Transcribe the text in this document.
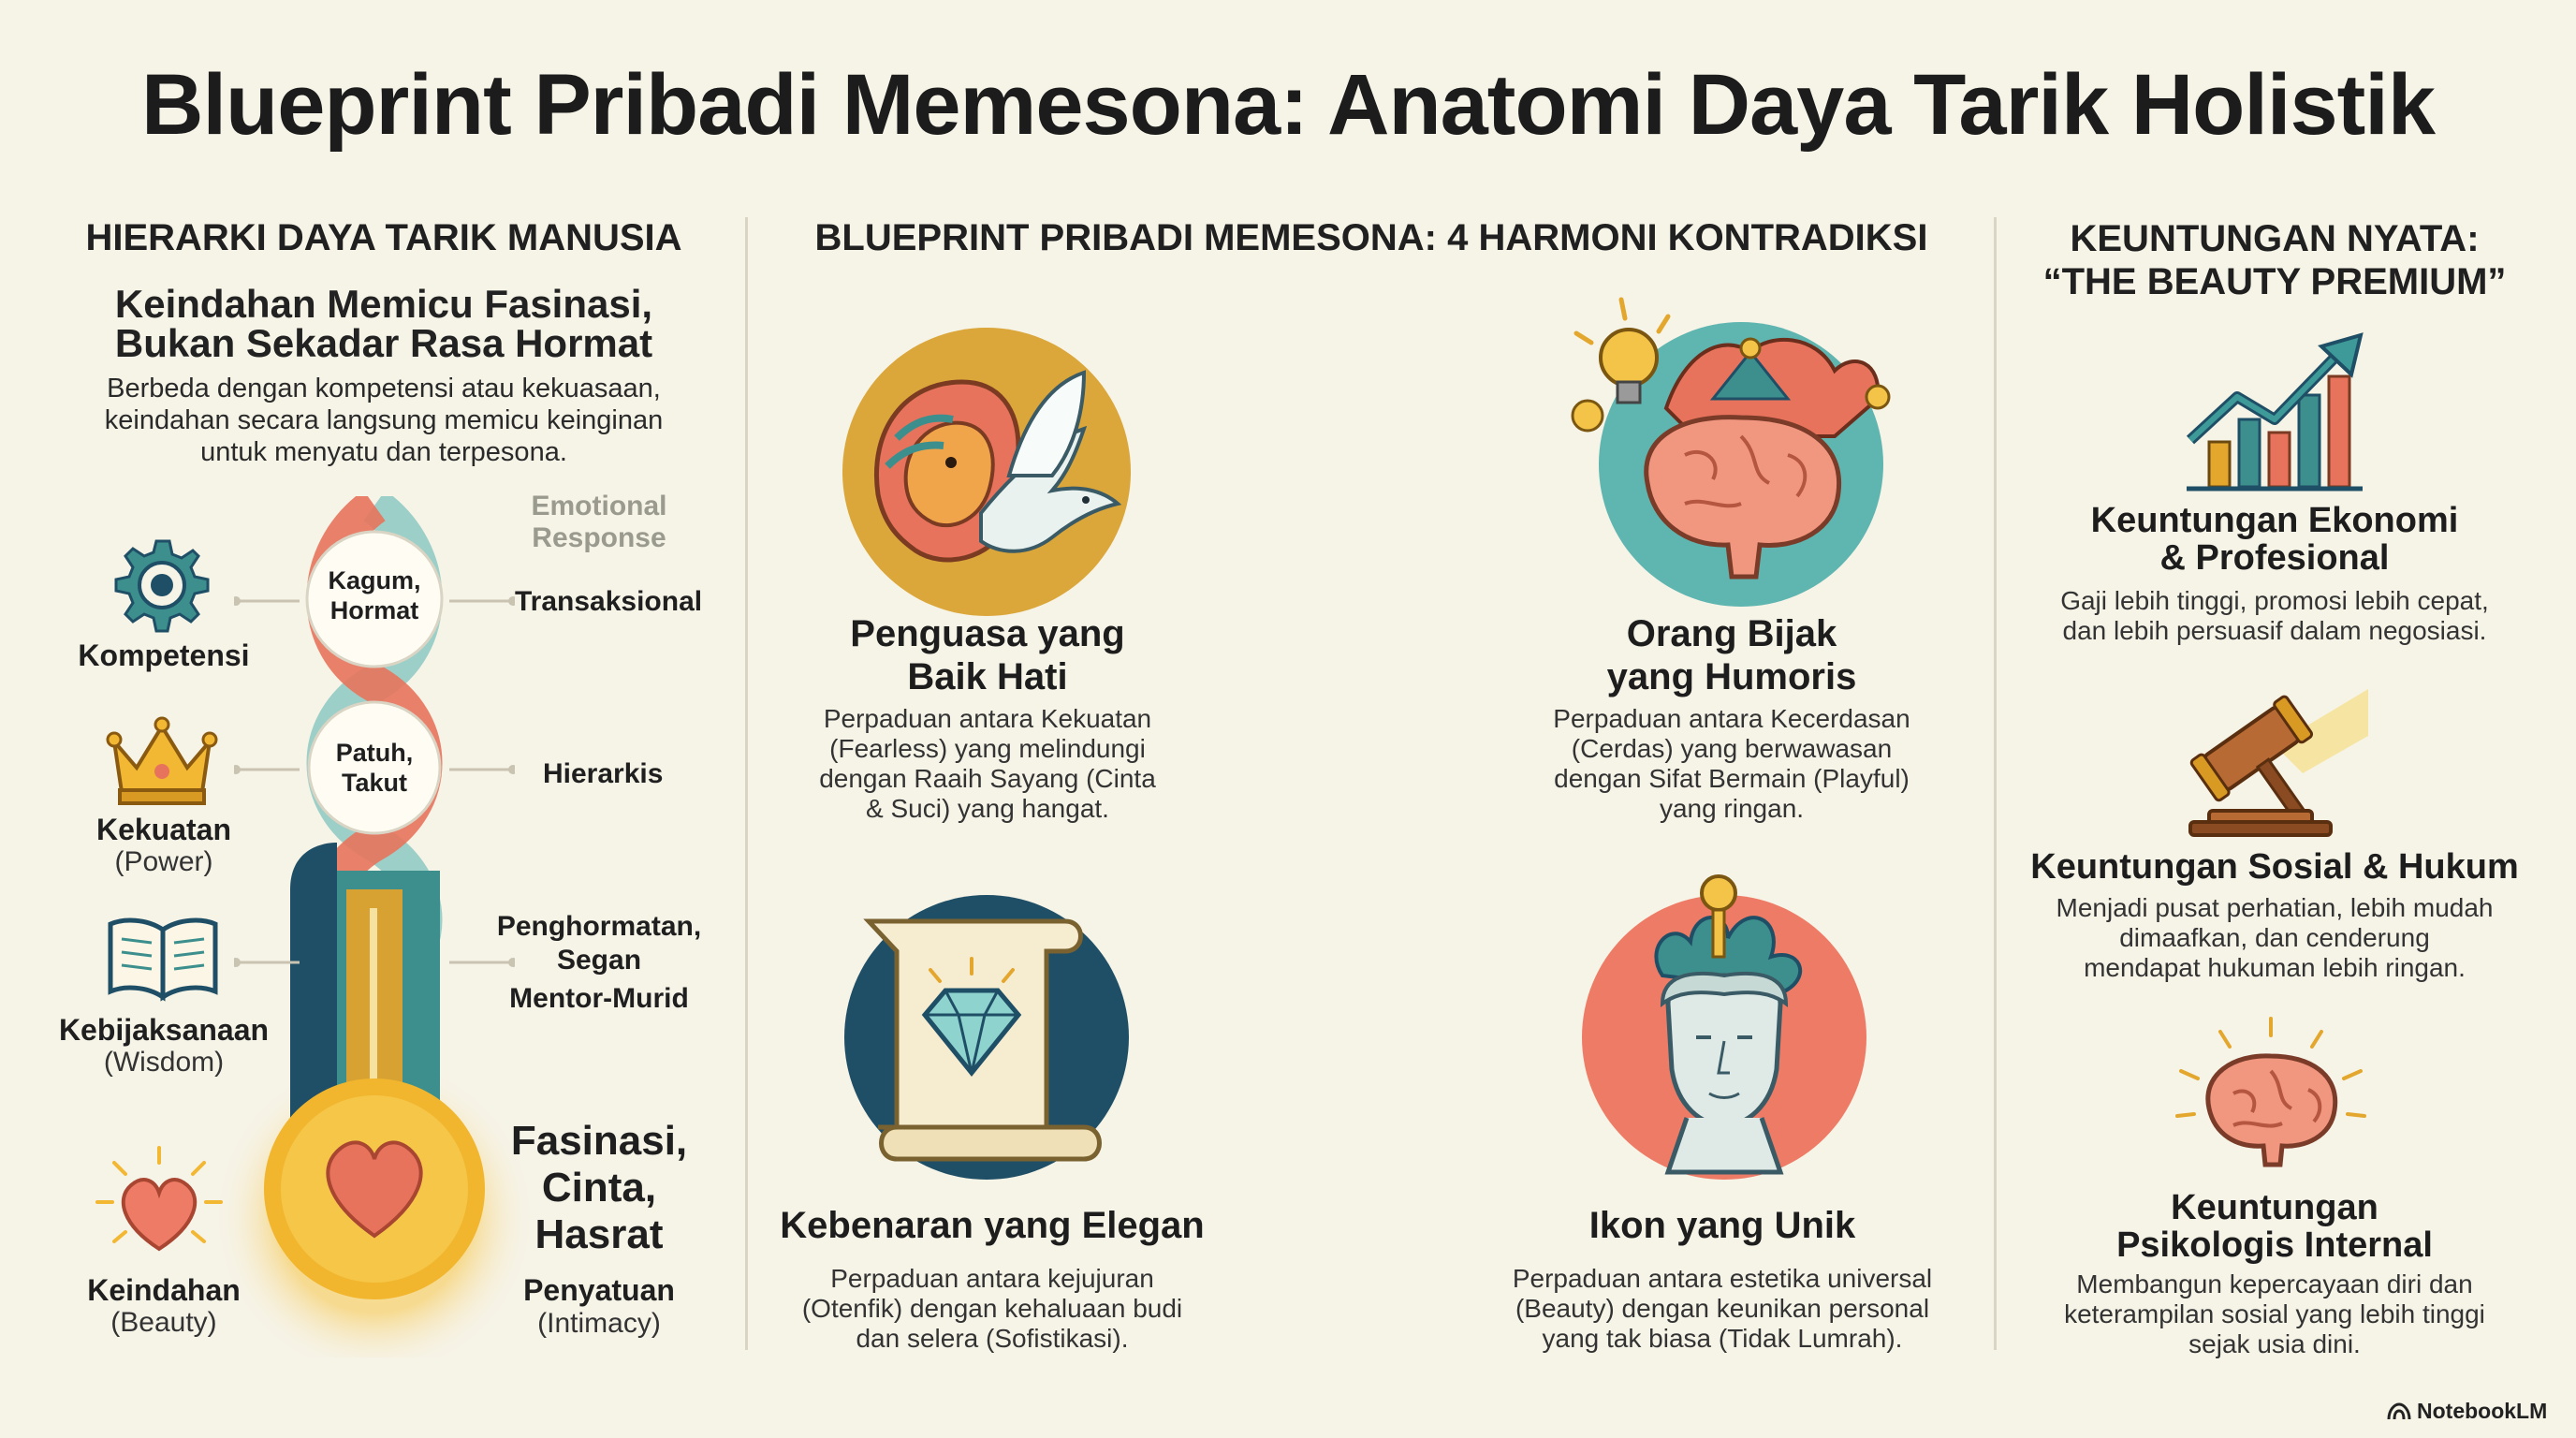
Blueprint Pribadi Memesona: Anatomi Daya Tarik Holistik
HIERARKI DAYA TARIK MANUSIA
Keindahan Memicu Fasinasi,
Bukan Sekadar Rasa Hormat
Berbeda dengan kompetensi atau kekuasaan,
keindahan secara langsung memicu keinginan
untuk menyatu dan terpesona.
Emotional
Response
Kagum,
Hormat
Patuh,
Takut
Kompetensi
Kekuatan
(Power)
Kebijaksanaan
(Wisdom)
Keindahan
(Beauty)
Transaksional
Hierarkis
Penghormatan,
Segan
Mentor-Murid
Fasinasi,
Cinta,
Hasrat
Penyatuan
(Intimacy)
BLUEPRINT PRIBADI MEMESONA: 4 HARMONI KONTRADIKSI
Penguasa yang
Baik Hati
Perpaduan antara Kekuatan
(Fearless) yang melindungi
dengan Raaih Sayang (Cinta
& Suci) yang hangat.
Orang Bijak
yang Humoris
Perpaduan antara Kecerdasan
(Cerdas) yang berwawasan
dengan Sifat Bermain (Playful)
yang ringan.
Kebenaran yang Elegan
Perpaduan antara kejujuran
(Otenfik) dengan kehaluaan budi
dan selera (Sofistikasi).
Ikon yang Unik
Perpaduan antara estetika universal
(Beauty) dengan keunikan personal
yang tak biasa (Tidak Lumrah).
KEUNTUNGAN NYATA:
“THE BEAUTY PREMIUM”
Keuntungan Ekonomi
& Profesional
Gaji lebih tinggi, promosi lebih cepat,
dan lebih persuasif dalam negosiasi.
Keuntungan Sosial & Hukum
Menjadi pusat perhatian, lebih mudah
dimaafkan, dan cenderung
mendapat hukuman lebih ringan.
Keuntungan
Psikologis Internal
Membangun kepercayaan diri dan
keterampilan sosial yang lebih tinggi
sejak usia dini.
NotebookLM
